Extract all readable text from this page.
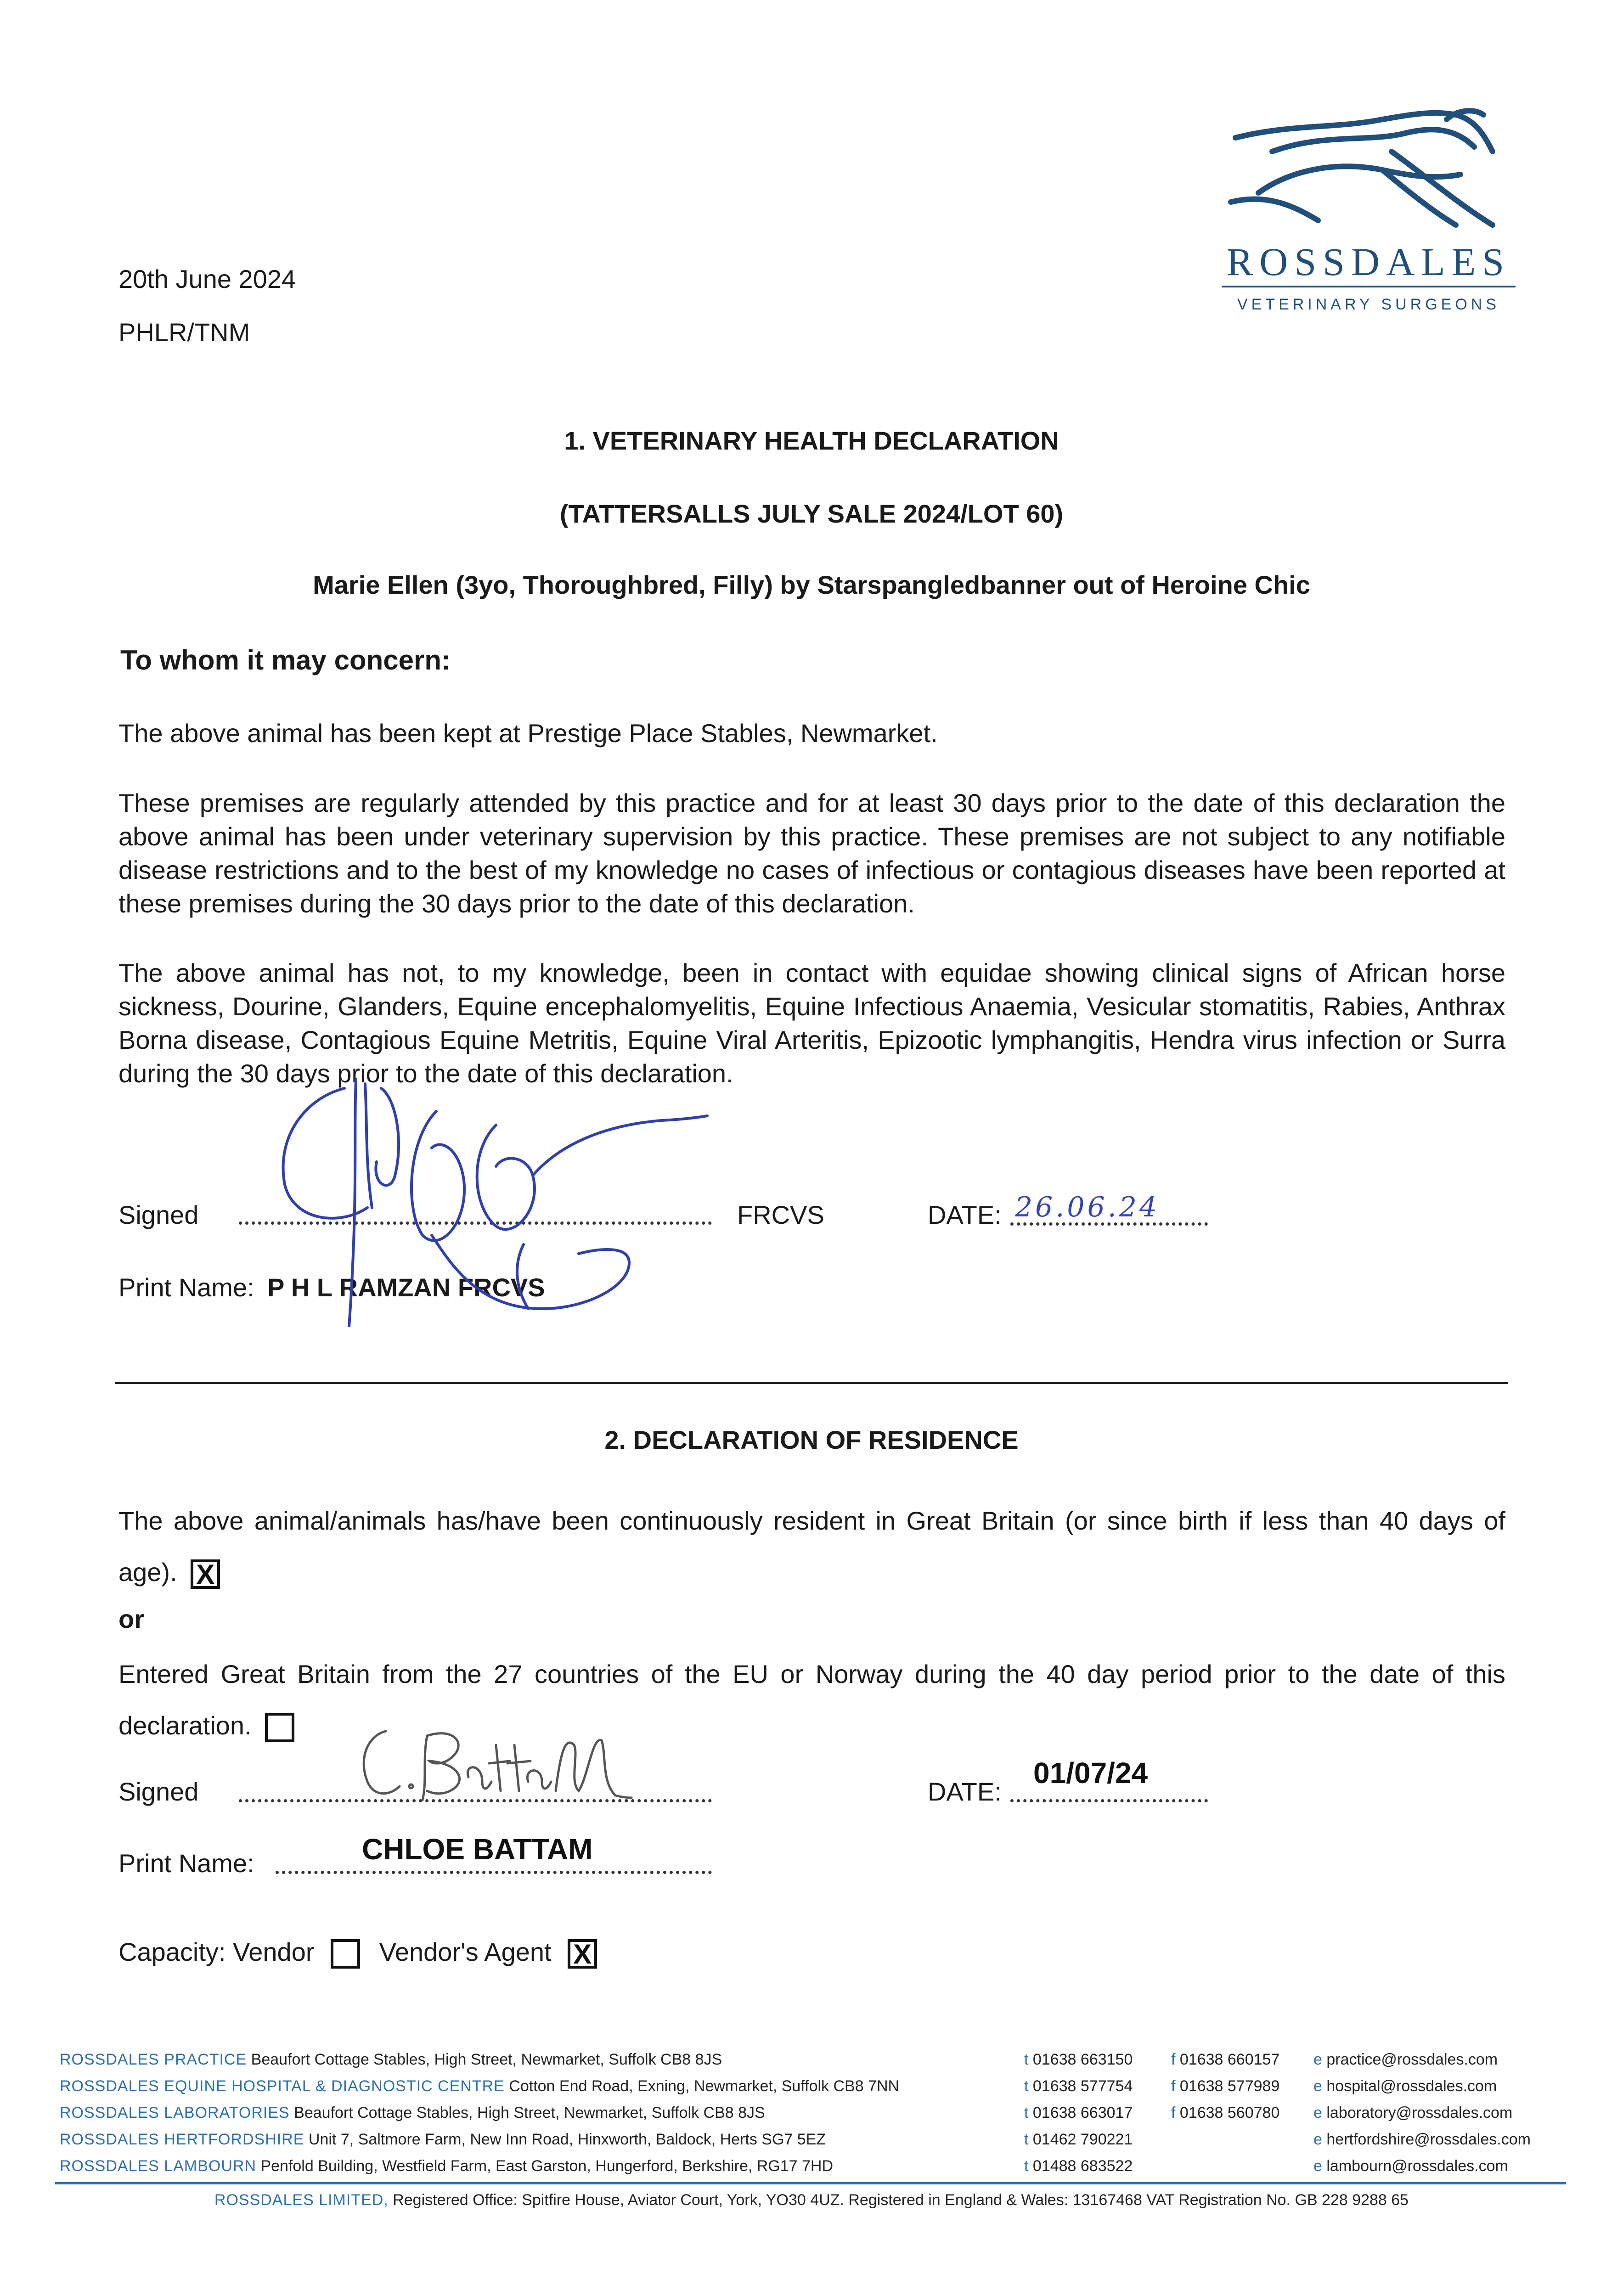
ROSSDALES
VETERINARY SURGEONS
20th June 2024
PHLR/TNM
1. VETERINARY HEALTH DECLARATION
(TATTERSALLS JULY SALE 2024/LOT 60)
Marie Ellen (3yo, Thoroughbred, Filly) by Starspangledbanner out of Heroine Chic
To whom it may concern:
The above animal has been kept at Prestige Place Stables, Newmarket.
These premises are regularly attended by this practice and for at least 30 days prior to the date of this declaration the above animal has been under veterinary supervision by this practice. These premises are not subject to any notifiable disease restrictions and to the best of my knowledge no cases of infectious or contagious diseases have been reported at these premises during the 30 days prior to the date of this declaration.
The above animal has not, to my knowledge, been in contact with equidae showing clinical signs of African horse sickness, Dourine, Glanders, Equine encephalomyelitis, Equine Infectious Anaemia, Vesicular stomatitis, Rabies, Anthrax Borna disease, Contagious Equine Metritis, Equine Viral Arteritis, Epizootic lymphangitis, Hendra virus infection or Surra during the 30 days prior to the date of this declaration.
Signed	FRCVS	DATE: 26.06.24
Print Name: P H L RAMZAN FRCVS
2. DECLARATION OF RESIDENCE
The above animal/animals has/have been continuously resident in Great Britain (or since birth if less than 40 days of age). X
or
Entered Great Britain from the 27 countries of the EU or Norway during the 40 day period prior to the date of this declaration.
Signed	DATE:
01/07/24
Print Name:	CHLOE BATTAM
Capacity: Vendor	Vendor's Agent X
ROSSDALES PRACTICE Beaufort Cottage Stables, High Street, Newmarket, Suffolk CB8 8JS	t 01638 663150 f 01638 660157 e practice@rossdales.com
ROSSDALES EQUINE HOSPITAL & DIAGNOSTIC CENTRE Cotton End Road, Exning, Newmarket, Suffolk CB8 7NN	t 01638 577754 f 01638 577989 e hospital@rossdales.com
ROSSDALES LABORATORIES Beaufort Cottage Stables, High Street, Newmarket, Suffolk CB8 8JS	t 01638 663017 f 01638 560780 e laboratory@rossdales.com
ROSSDALES HERTFORDSHIRE Unit 7, Saltmore Farm, New Inn Road, Hinxworth, Baldock, Herts SG7 5EZ	t 01462 790221	e hertfordshire@rossdales.com
ROSSDALES LAMBOURN Penfold Building, Westfield Farm, East Garston, Hungerford, Berkshire, RG17 7HD	t 01488 683522	e lambourn@rossdales.com
ROSSDALES LIMITED, Registered Office: Spitfire House, Aviator Court, York, YO30 4UZ. Registered in England & Wales: 13167468 VAT Registration No. GB 228 9288 65
